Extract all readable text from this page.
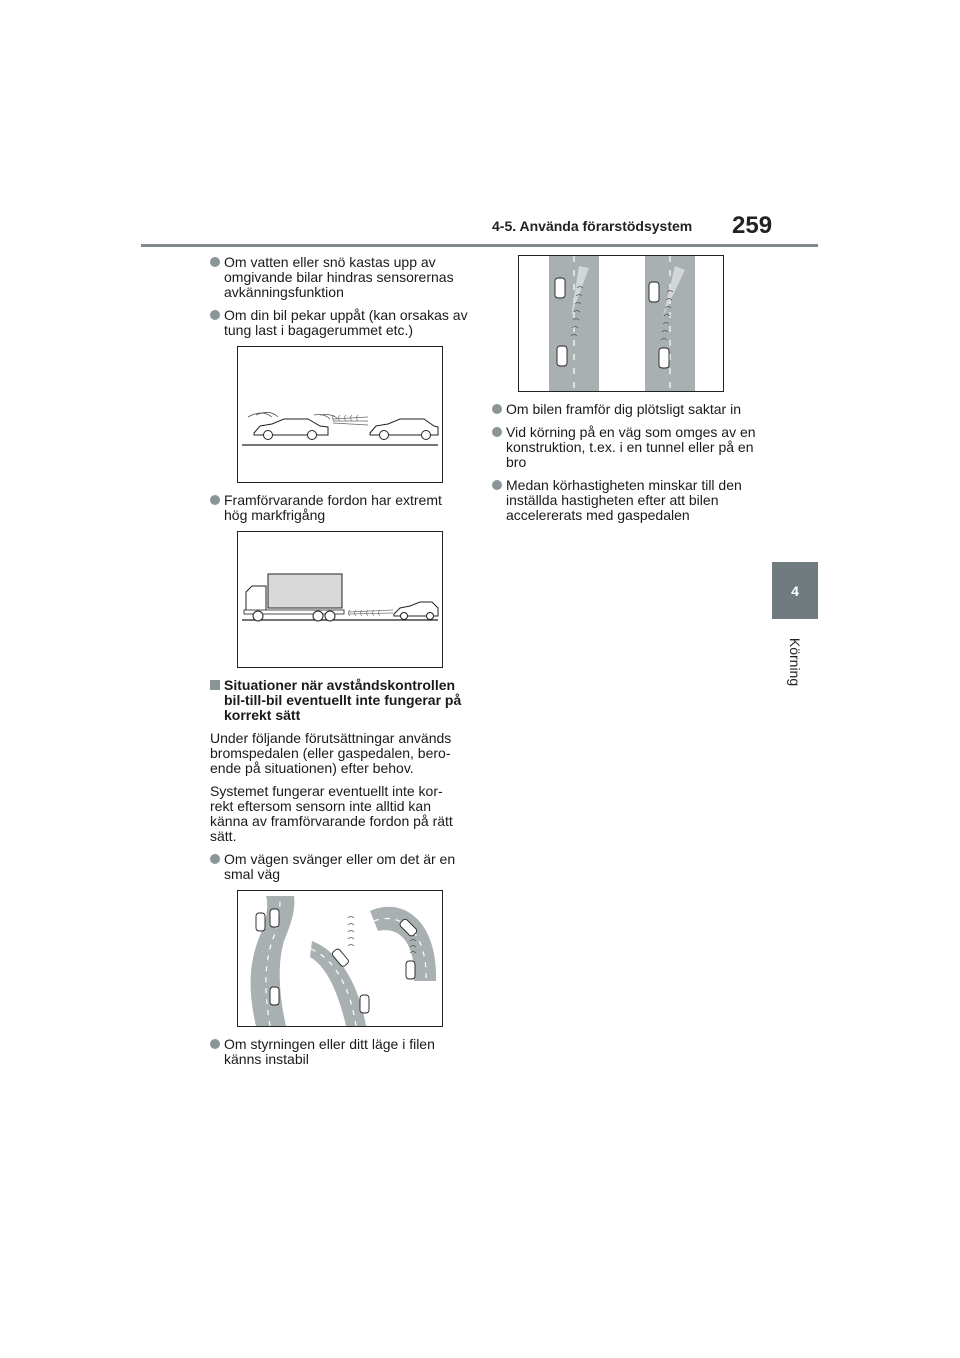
4-5. Använda förarstödsystem 259
4
Körning
Om vatten eller snö kastas upp av omgivande bilar hindras sensorernas avkänningsfunktion
Om din bil pekar uppåt (kan orsakas av tung last i bagagerummet etc.)
Framförvarande fordon har extremt hög markfrigång
Situationer när avståndskontrollen bil-till-bil eventuellt inte fungerar på korrekt sätt
Under följande förutsättningar används bromspedalen (eller gaspedalen, bero- ende på situationen) efter behov.
Systemet fungerar eventuellt inte kor- rekt eftersom sensorn inte alltid kan känna av framförvarande fordon på rätt sätt.
Om vägen svänger eller om det är en smal väg
Om styrningen eller ditt läge i filen känns instabil
Om bilen framför dig plötsligt saktar in
Vid körning på en väg som omges av en konstruktion, t.ex. i en tunnel eller på en bro
Medan körhastigheten minskar till den inställda hastigheten efter att bilen accelererats med gaspedalen
